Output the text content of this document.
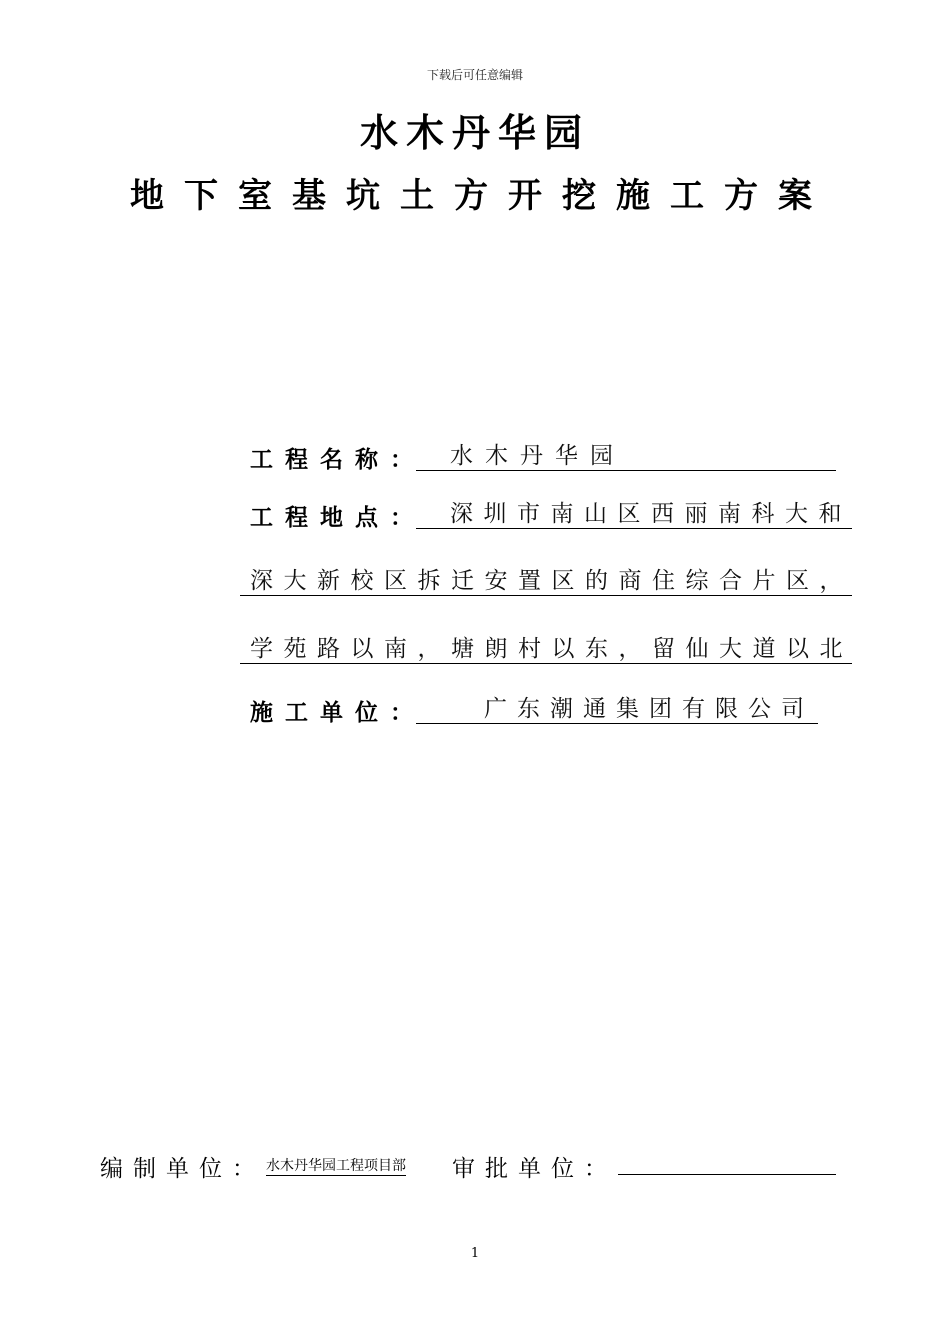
下载后可任意编辑
水木丹华园
地下室基坑土方开挖施工方案
工程名称：	水木丹华园
工程地点：	深圳市南山区西丽南科大和
深大新校区拆迁安置区的商住综合片区，
学苑路以南，塘朗村以东，留仙大道以北
施工单位：	广东潮通集团有限公司
编制单位： 水木丹华园工程项目部 审批单位：
1
